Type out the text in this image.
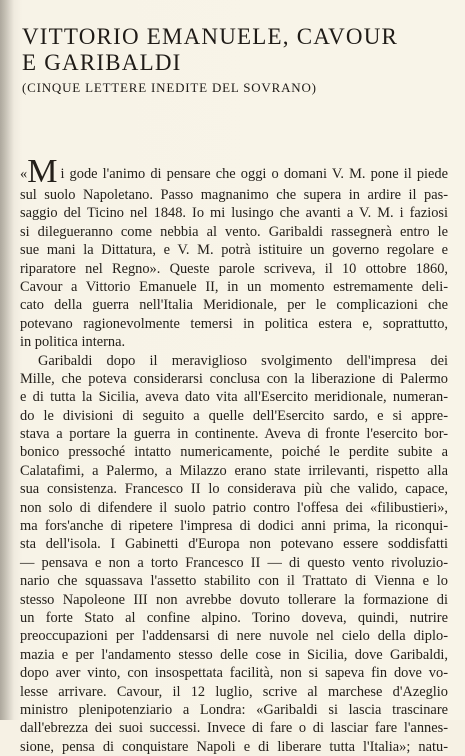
VITTORIO EMANUELE, CAVOUR
E GARIBALDI
(CINQUE LETTERE INEDITE DEL SOVRANO)
«M i gode l'animo di pensare che oggi o domani V. M. pone il piede
sul suolo Napoletano. Passo magnanimo che supera in ardire il pas-
saggio del Ticino nel 1848. Io mi lusingo che avanti a V. M. i faziosi
si dilegueranno come nebbia al vento. Garibaldi rassegnerà entro le
sue mani la Dittatura, e V. M. potrà istituire un governo regolare e
riparatore nel Regno». Queste parole scriveva, il 10 ottobre 1860,
Cavour a Vittorio Emanuele II, in un momento estremamente deli-
cato della guerra nell'Italia Meridionale, per le complicazioni che
potevano ragionevolmente temersi in politica estera e, soprattutto,
in politica interna.
Garibaldi dopo il meraviglioso svolgimento dell'impresa dei
Mille, che poteva considerarsi conclusa con la liberazione di Palermo
e di tutta la Sicilia, aveva dato vita all'Esercito meridionale, numeran-
do le divisioni di seguito a quelle dell'Esercito sardo, e si appre-
stava a portare la guerra in continente. Aveva di fronte l'esercito bor-
bonico pressoché intatto numericamente, poiché le perdite subite a
Calatafimi, a Palermo, a Milazzo erano state irrilevanti, rispetto alla
sua consistenza. Francesco II lo considerava più che valido, capace,
non solo di difendere il suolo patrio contro l'offesa dei «filibustieri»,
ma fors'anche di ripetere l'impresa di dodici anni prima, la riconqui-
sta dell'isola. I Gabinetti d'Europa non potevano essere soddisfatti
— pensava e non a torto Francesco II — di questo vento rivoluzio-
nario che squassava l'assetto stabilito con il Trattato di Vienna e lo
stesso Napoleone III non avrebbe dovuto tollerare la formazione di
un forte Stato al confine alpino. Torino doveva, quindi, nutrire
preoccupazioni per l'addensarsi di nere nuvole nel cielo della diplo-
mazia e per l'andamento stesso delle cose in Sicilia, dove Garibaldi,
dopo aver vinto, con insospettata facilità, non si sapeva fin dove vo-
lesse arrivare. Cavour, il 12 luglio, scrive al marchese d'Azeglio
ministro plenipotenziario a Londra: «Garibaldi si lascia trascinare
dall'ebrezza dei suoi successi. Invece di fare o di lasciar fare l'annes-
sione, pensa di conquistare Napoli e di liberare tutta l'Italia»; natu-
